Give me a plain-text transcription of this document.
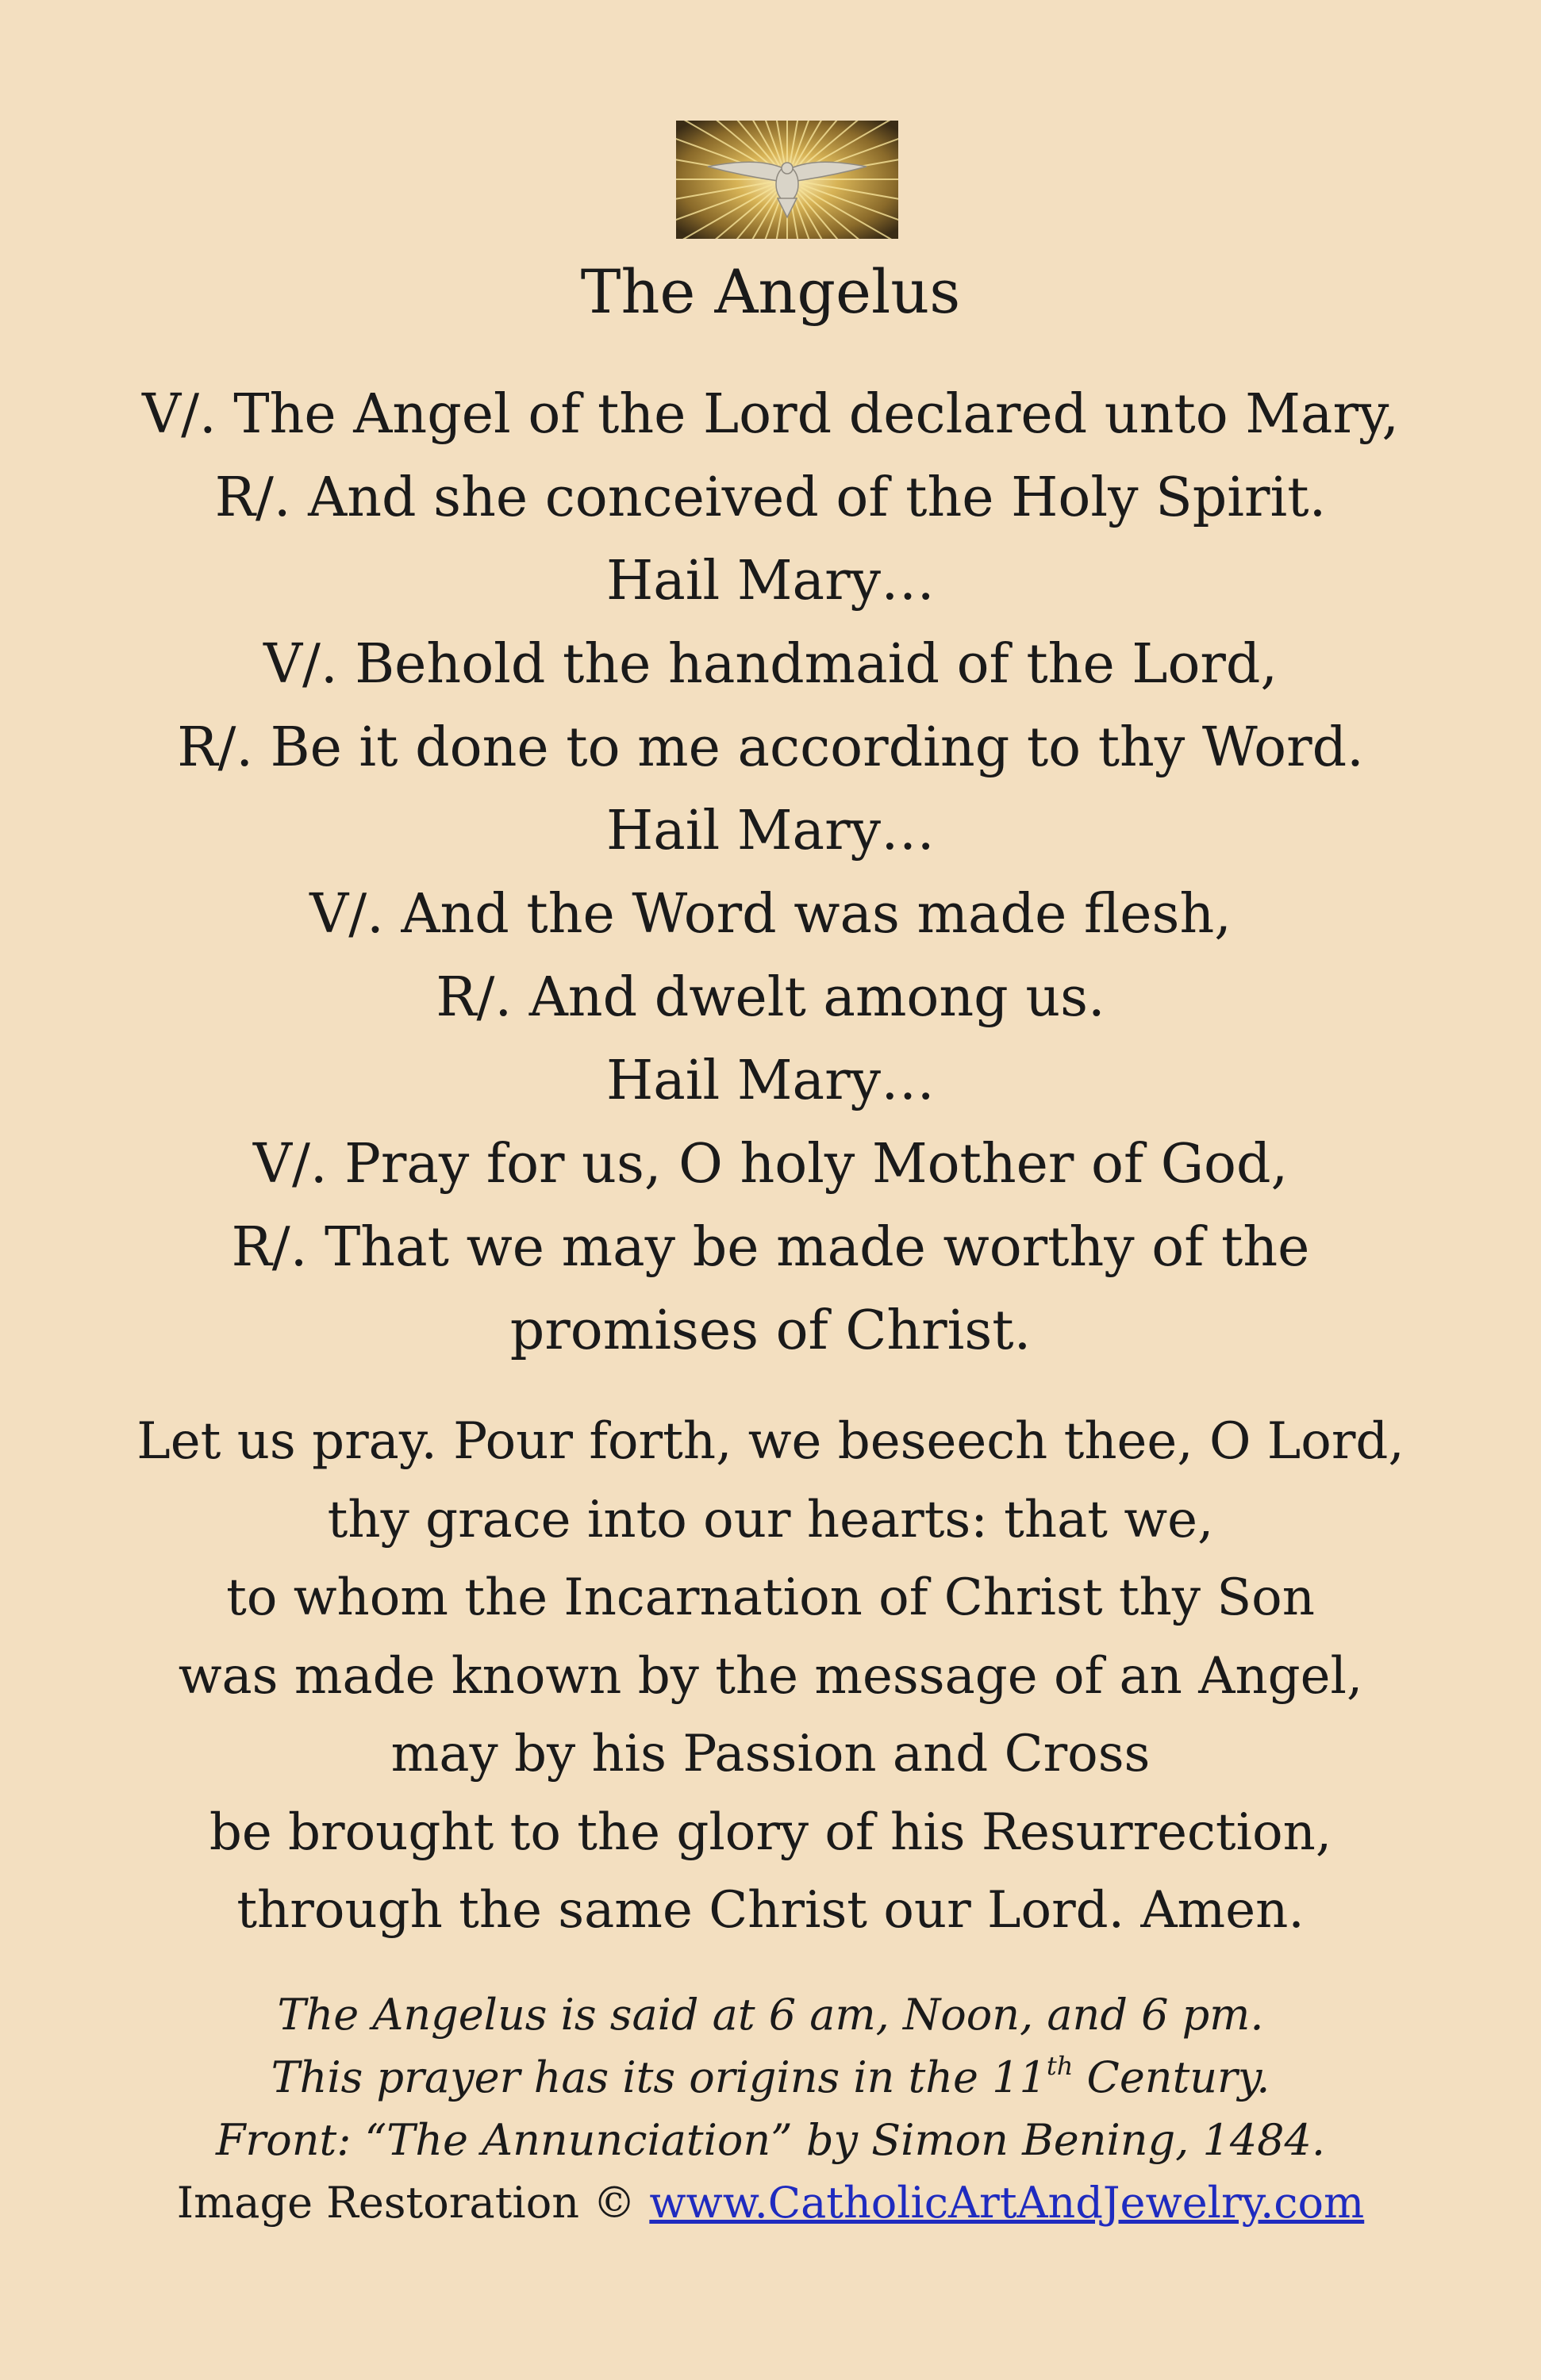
The Angelus
V/. The Angel of the Lord declared unto Mary,
R/. And she conceived of the Holy Spirit.
Hail Mary…
V/. Behold the handmaid of the Lord,
R/. Be it done to me according to thy Word.
Hail Mary…
V/. And the Word was made flesh,
R/. And dwelt among us.
Hail Mary…
V/. Pray for us, O holy Mother of God,
R/. That we may be made worthy of the
promises of Christ.
Let us pray. Pour forth, we beseech thee, O Lord,
thy grace into our hearts: that we,
to whom the Incarnation of Christ thy Son
was made known by the message of an Angel,
may by his Passion and Cross
be brought to the glory of his Resurrection,
through the same Christ our Lord. Amen.
The Angelus is said at 6 am, Noon, and 6 pm.
This prayer has its origins in the 11th Century.
Front: “The Annunciation” by Simon Bening, 1484.
Image Restoration © www.CatholicArtAndJewelry.com
